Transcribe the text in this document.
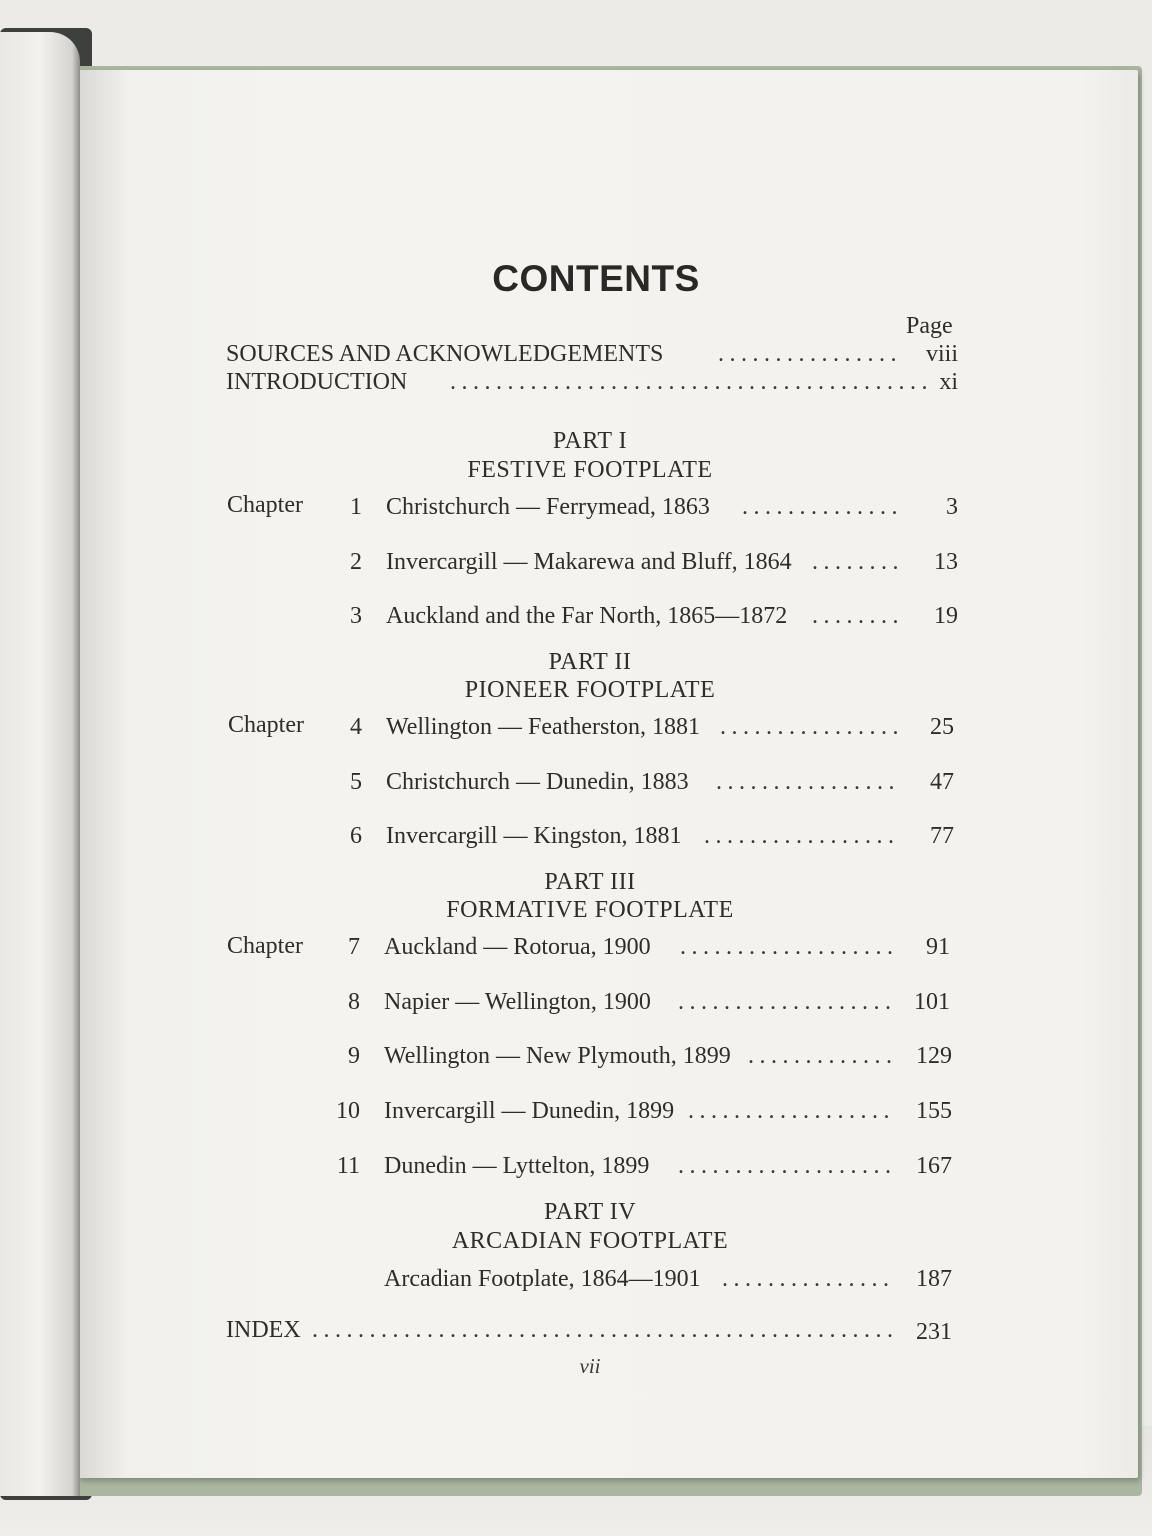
CONTENTS
Page
SOURCES AND ACKNOWLEDGEMENTS .....	viii
INTRODUCTION .....	xi
PART I
FESTIVE FOOTPLATE
Chapter	1 Christchurch — Ferrymead, 1863 .....	3
2 Invercargill — Makarewa and Bluff, 1864 .....	13
3 Auckland and the Far North, 1865—1872 .....	19
PART II
PIONEER FOOTPLATE
Chapter	4 Wellington — Featherston, 1881 .....	25
5 Christchurch — Dunedin, 1883 .....	47
6 Invercargill — Kingston, 1881 .....	77
PART III
FORMATIVE FOOTPLATE
Chapter	7 Auckland — Rotorua, 1900 .....	91
8 Napier — Wellington, 1900 .....	101
9 Wellington — New Plymouth, 1899 .....	129
10 Invercargill — Dunedin, 1899 .....	155
11 Dunedin — Lyttelton, 1899 .....	167
PART IV
ARCADIAN FOOTPLATE
Arcadian Footplate, 1864—1901 .....	187
INDEX .....	231
vii
